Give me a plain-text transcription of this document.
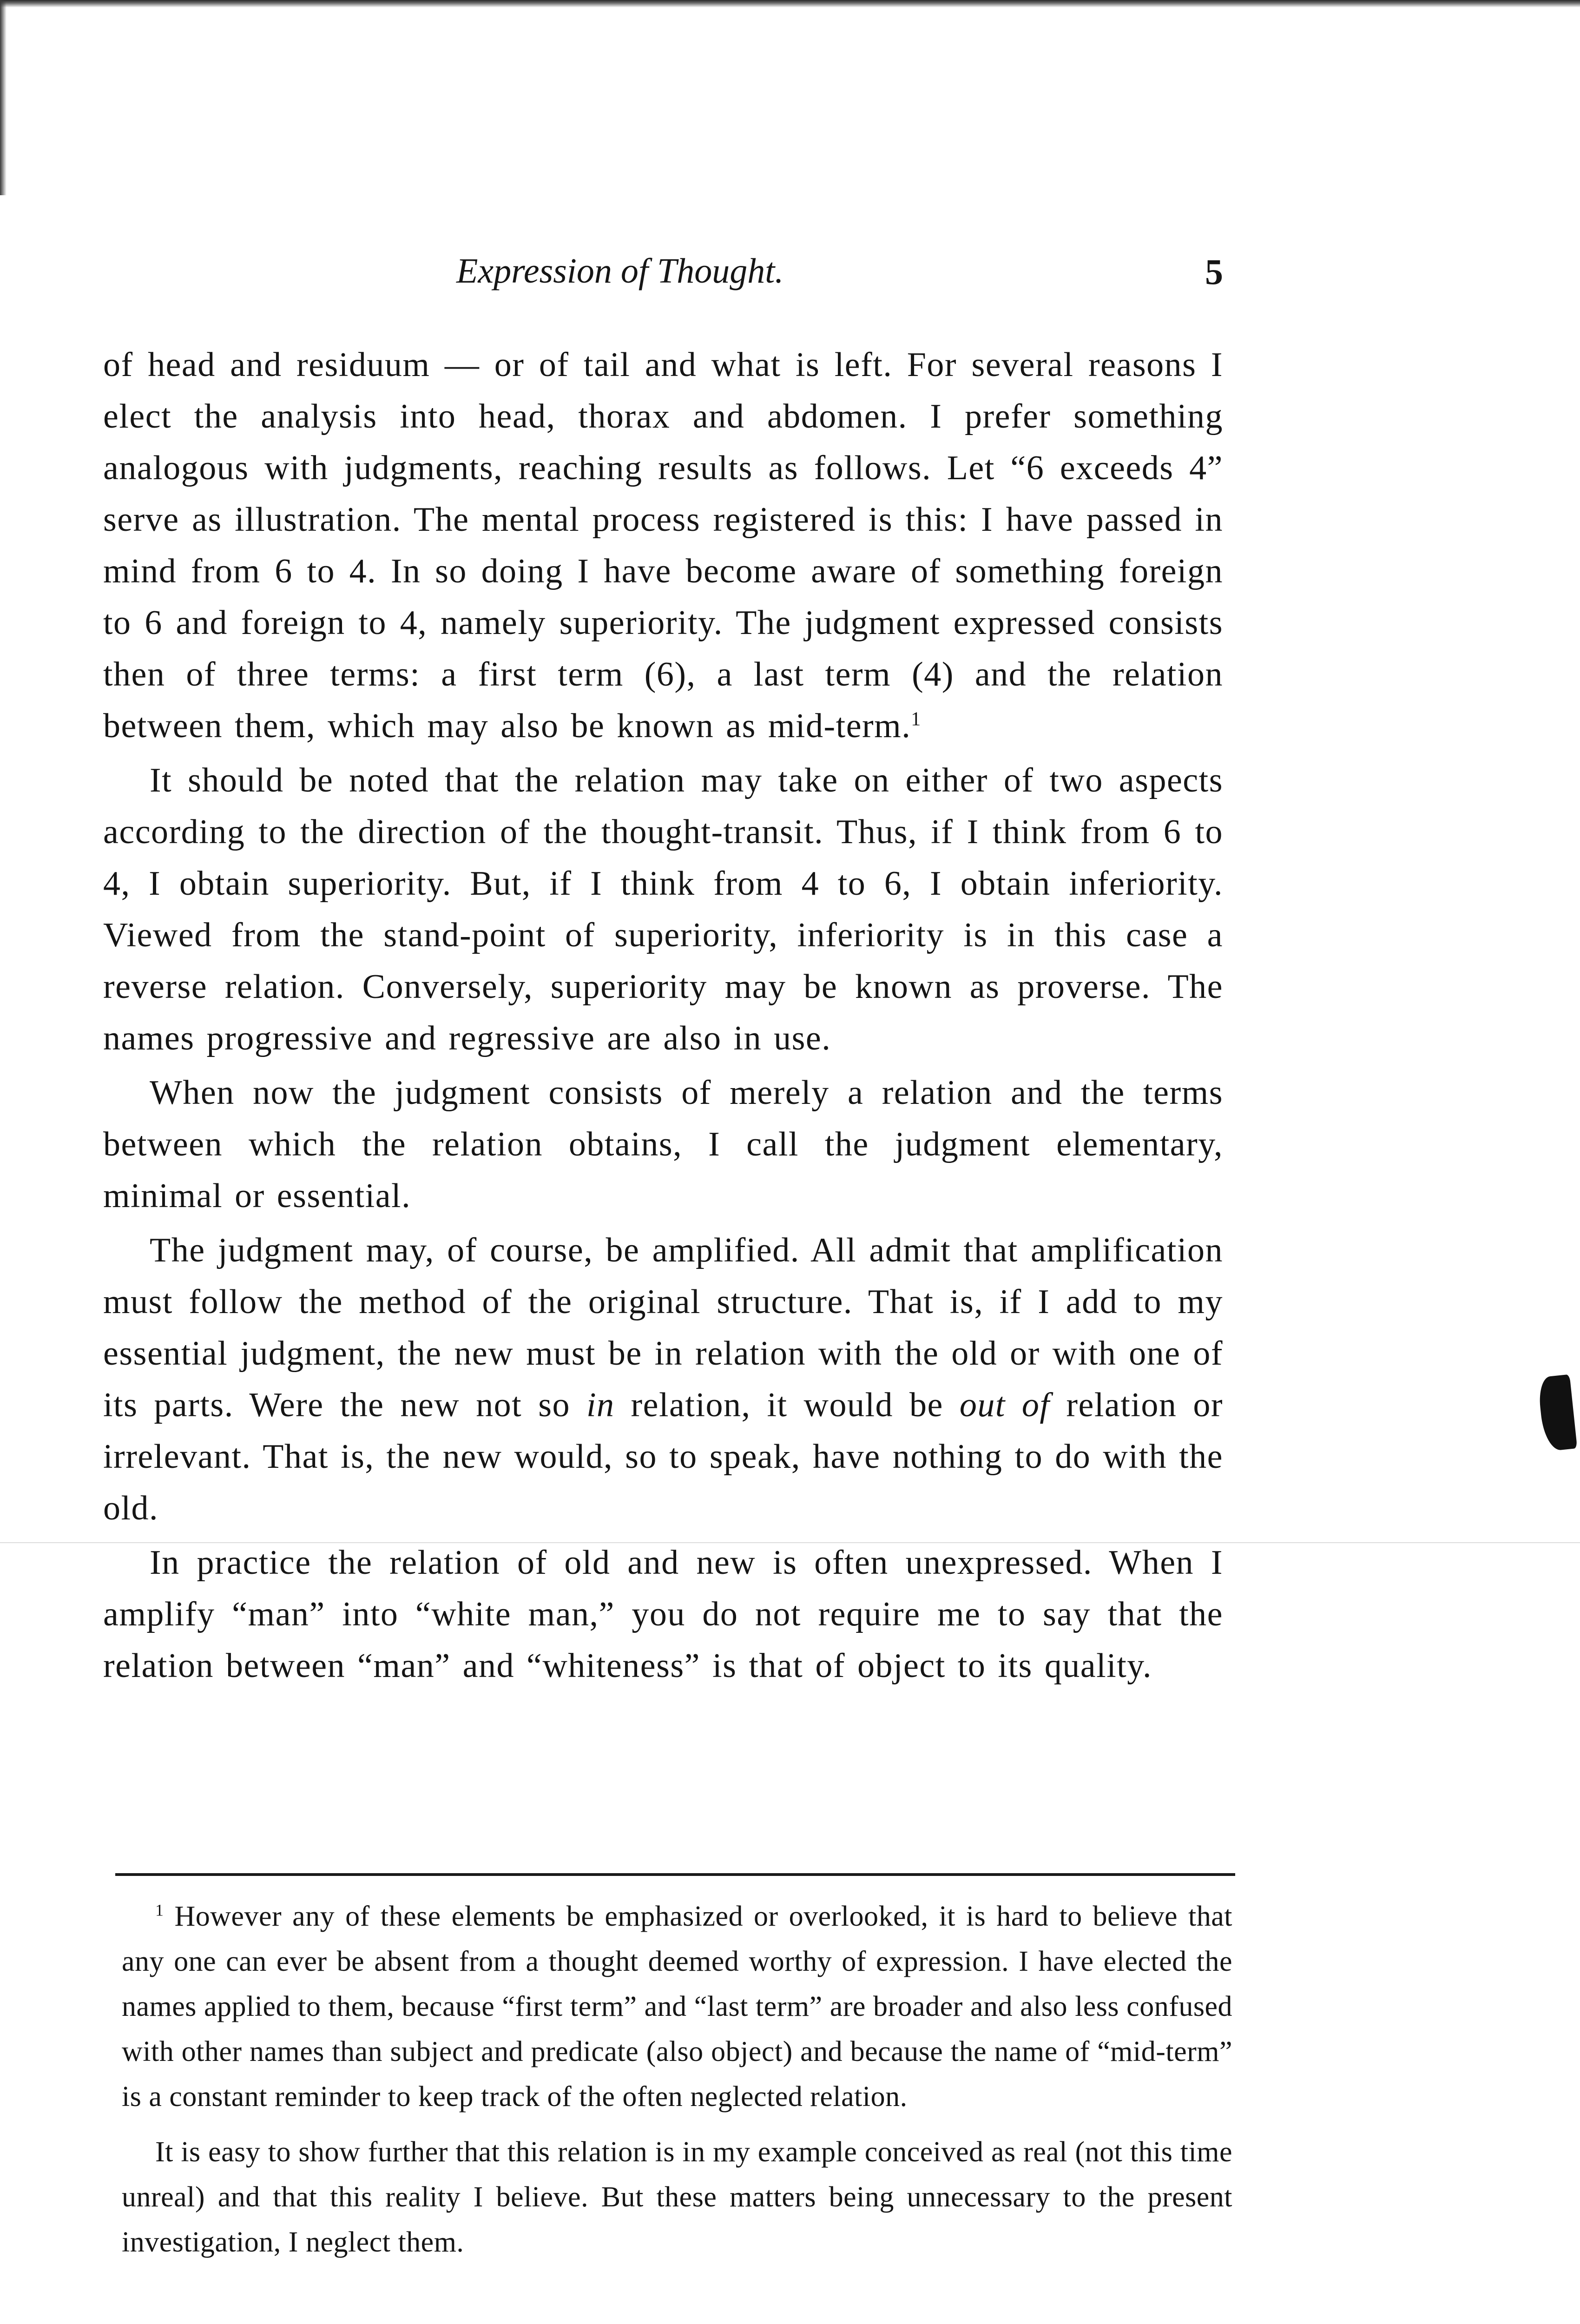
Expression of Thought.	5

of head and residuum — or of tail and what is left. For several reasons I elect the analysis into head, thorax and abdomen. I prefer something analogous with judgments, reaching results as follows. Let “6 exceeds 4” serve as illustration. The mental process registered is this: I have passed in mind from 6 to 4. In so doing I have become aware of something foreign to 6 and foreign to 4, namely superiority. The judgment expressed consists then of three terms: a first term (6), a last term (4) and the relation between them, which may also be known as mid-term.$^1$

It should be noted that the relation may take on either of two aspects according to the direction of the thought-transit. Thus, if I think from 6 to 4, I obtain superiority. But, if I think from 4 to 6, I obtain inferiority. Viewed from the stand-point of superiority, inferiority is in this case a reverse relation. Conversely, superiority may be known as proverse. The names progressive and regressive are also in use.

When now the judgment consists of merely a relation and the terms between which the relation obtains, I call the judgment elementary, minimal or essential.

The judgment may, of course, be amplified. All admit that amplification must follow the method of the original structure. That is, if I add to my essential judgment, the new must be in relation with the old or with one of its parts. Were the new not so in relation, it would be out of relation or irrelevant. That is, the new would, so to speak, have nothing to do with the old.

In practice the relation of old and new is often unexpressed. When I amplify “man” into “white man,” you do not require me to say that the relation between “man” and “whiteness” is that of object to its quality.

$^1$ However any of these elements be emphasized or overlooked, it is hard to believe that any one can ever be absent from a thought deemed worthy of expression. I have elected the names applied to them, because “first term” and “last term” are broader and also less confused with other names than subject and predicate (also object) and because the name of “mid-term” is a constant reminder to keep track of the often neglected relation.

It is easy to show further that this relation is in my example conceived as real (not this time unreal) and that this reality I believe. But these matters being unnecessary to the present investigation, I neglect them.
